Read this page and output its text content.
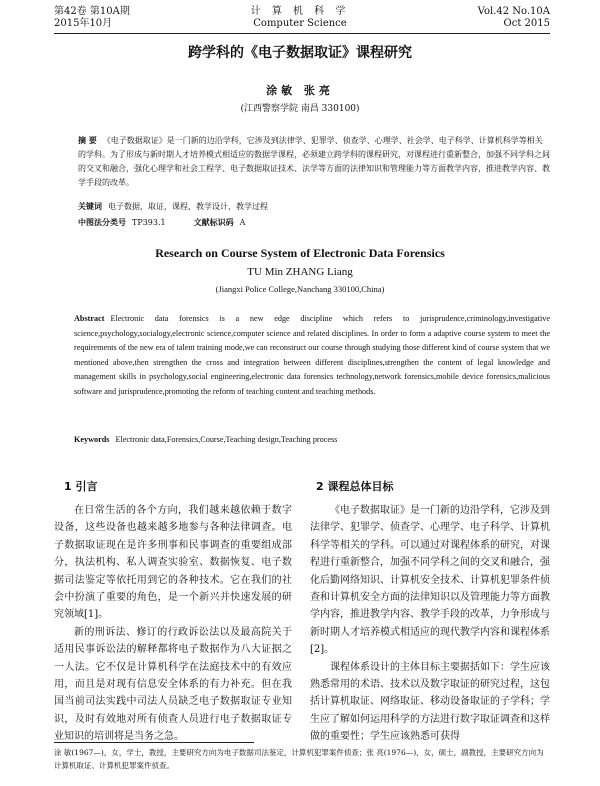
第42卷 第10A期
2015年10月
计 算 机 科 学
Computer Science
Vol.42 No.10A
Oct 2015
跨学科的《电子数据取证》课程研究
涂敏 张亮
(江西警察学院 南昌 330100)
摘 要 《电子数据取证》是一门新的边沿学科，它涉及到法律学、犯罪学、侦查学、心理学、社会学、电子科学、计算机科学等相关的学科。为了形成与新时期人才培养模式相适应的数据学课程，必须建立跨学科的课程研究，对课程进行重新整合，加强不同学科之间的交叉和融合，强化心理学和社会工程学、电子数据取证技术、法学等方面的法律知识和管理能力等方面教学内容，推进教学内容、教学手段的改革。
关键词 电子数据，取证，课程，教学设计，教学过程
中图法分类号 TP393.1	文献标识码 A
Research on Course System of Electronic Data Forensics
TU Min ZHANG Liang
(Jiangxi Police College,Nanchang 330100,China)
Abstract Electronic data forensics is a new edge discipline which refers to jurisprudence,criminology,investigative science,psychology,socialogy,electronic science,computer science and related disciplines. In order to form a adaptive course system to meet the requirements of the new era of talent training mode,we can reconstruct our course through studying those different kind of course system that we mentioned above,then strengthen the cross and integration between different disciplines,strengthen the content of legal knowledge and management skills in psychology,social engineering,electronic data forensics technology,network forensics,mobile device forensics,malicious software and jurisprudence,promoting the reform of teaching content and teaching methods.
Keywords Electronic data,Forensics,Course,Teaching design,Teaching process
1 引言	2 课程总体目标

在日常生活的各个方向，我们越来越依赖于数字设备，这些设备也越来越多地参与各种法律调查。电子数据取证现在是许多刑事和民事调查的重要组成部分，执法机构、私人调查实验室、数据恢复、电子数据司法鉴定等依托用到它的各种技术。它在我们的社会中扮演了重要的角色，是一个新兴并快速发展的研究领域[1]。

新的刑诉法、修订的行政诉讼法以及最高院关于适用民事诉讼法的解释都将电子数据作为八大证据之一人法。它不仅是计算机科学在法庭技术中的有效应用，而且是对现有信息安全体系的有力补充。但在我国当前司法实践中司法人员缺乏电子数据取证专业知识，及时有效地对所有侦查人员进行电子数据取证专业知识的培训将是当务之急。

《电子数据取证》是一门新的边沿学科，它涉及到法律学、犯罪学、侦查学、心理学、电子科学、计算机科学等相关的学科。可以通过对课程体系的研究，对课程进行重新整合，加强不同学科之间的交叉和融合，强化后勤网络知识、计算机安全技术、计算机犯罪条件侦查和计算机安全方面的法律知识以及管理能力等方面教学内容，推进教学内容、教学手段的改革，力争形成与新时期人才培养模式相适应的现代教学内容和课程体系[2]。

课程体系设计的主体目标主要据括如下：学生应该熟悉常用的术语、技术以及数字取证的研究过程，这包括计算机取证、网络取证、移动设备取证的子学科；学生应了解如何运用科学的方法进行数字取证调查和这样做的重要性；学生应该熟悉可获得

涂 敏(1967—)，女，学士，教授，主要研究方向为电子数据司法鉴定，计算机犯罪案件侦查；张 亮(1976—)，女，硕士，副教授，主要研究方向为计算机取证、计算机犯罪案件侦查。
